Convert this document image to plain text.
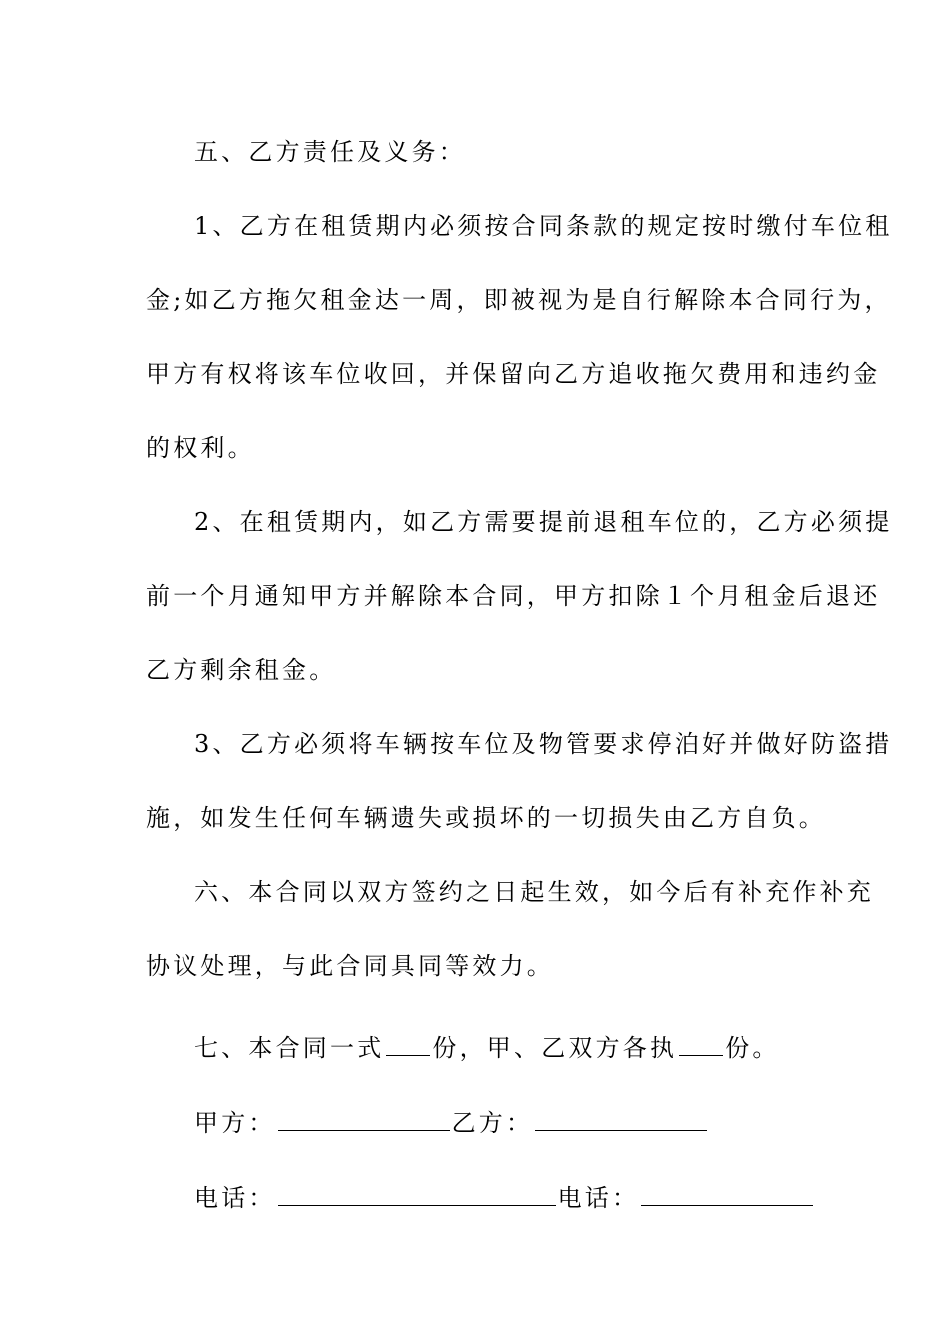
五、乙方责任及义务：
1、乙方在租赁期内必须按合同条款的规定按时缴付车位租
金;如乙方拖欠租金达一周，即被视为是自行解除本合同行为，
甲方有权将该车位收回，并保留向乙方追收拖欠费用和违约金
的权利。
2、在租赁期内，如乙方需要提前退租车位的，乙方必须提
前一个月通知甲方并解除本合同，甲方扣除１个月租金后退还
乙方剩余租金。
3、乙方必须将车辆按车位及物管要求停泊好并做好防盗措
施，如发生任何车辆遗失或损坏的一切损失由乙方自负。
六、本合同以双方签约之日起生效，如今后有补充作补充
协议处理，与此合同具同等效力。
七、本合同一式 份，甲、乙双方各执 份。
甲方：	乙方：
电话：	电话：
